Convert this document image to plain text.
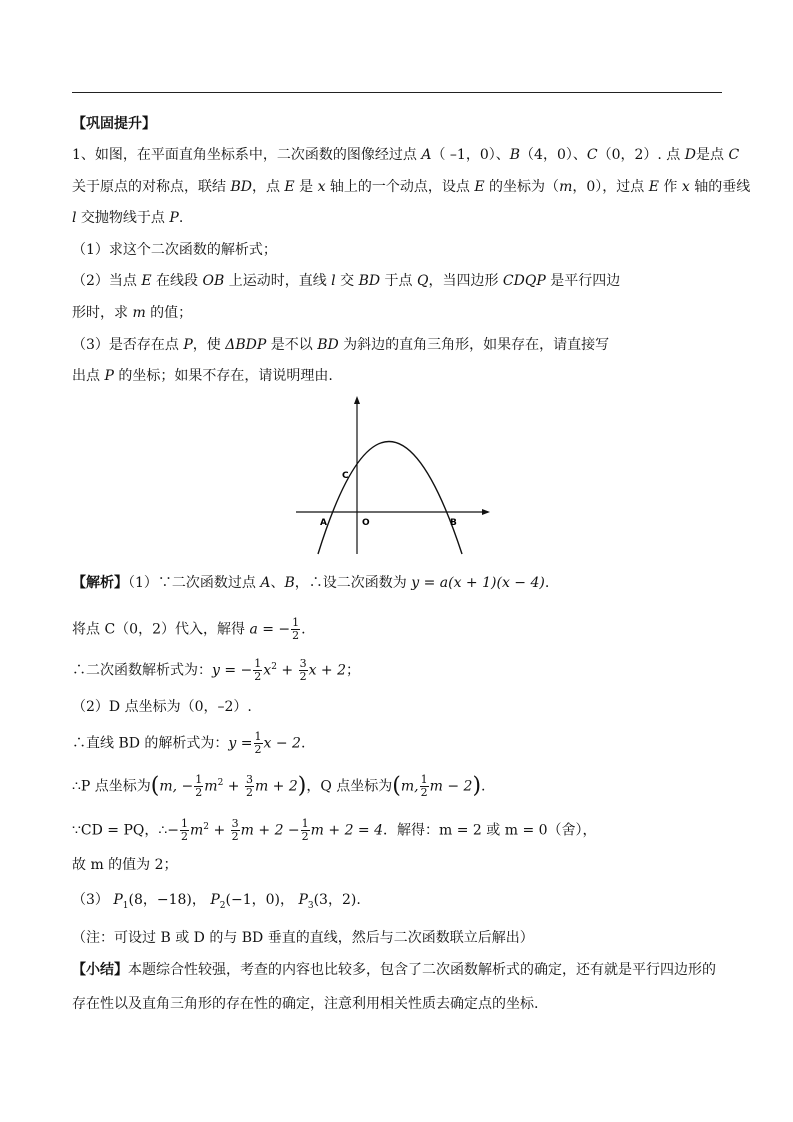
【巩固提升】
1、如图，在平面直角坐标系中，二次函数的图像经过点 A（ –1，0）、B（4，0）、C（0，2）. 点 D是点 C
关于原点的对称点，联结 BD，点 E 是 x 轴上的一个动点，设点 E 的坐标为（m，0），过点 E 作 x 轴的垂线
l 交抛物线于点 P.
（1）求这个二次函数的解析式；
（2）当点 E 在线段 OB 上运动时，直线 l 交 BD 于点 Q，当四边形 CDQP 是平行四边
形时，求 m 的值；
（3）是否存在点 P，使 ΔBDP 是不以 BD 为斜边的直角三角形，如果存在，请直接写
出点 P 的坐标；如果不存在，请说明理由.
C
O
A	B
【解析】（1）∵二次函数过点 A、B，∴设二次函数为 y = a(x + 1)(x − 4).
将点 C（0，2）代入，解得 a = − $\frac{1}{2}$ .
∴二次函数解析式为：y = − $\frac{1}{2} x^2 + \frac{3}{2}$ x + 2；
（2）D 点坐标为（0，–2）.
∴直线 BD 的解析式为：$y = \frac{1}{2}$ x − 2.
∴P 点坐标为(m, − $\frac{1}{2} m^2 + \frac{3}{2}$ m + 2)，Q 点坐标为(m, $\frac{1}{2}$ m − 2).
∵CD = PQ，∴− $\frac{1}{2} m^2 + \frac{3}{2}$ $m + 2 - \frac{1}{2}$ m + 2 = 4．解得：m = 2 或 m = 0（舍），
故 m 的值为 2；
（3） $P_1(8$，−18)， $P_2(-1$，0)， $P_3(3$，2).
（注：可设过 B 或 D 的与 BD 垂直的直线，然后与二次函数联立后解出）
【小结】本题综合性较强，考查的内容也比较多，包含了二次函数解析式的确定，还有就是平行四边形的
存在性以及直角三角形的存在性的确定，注意利用相关性质去确定点的坐标.
